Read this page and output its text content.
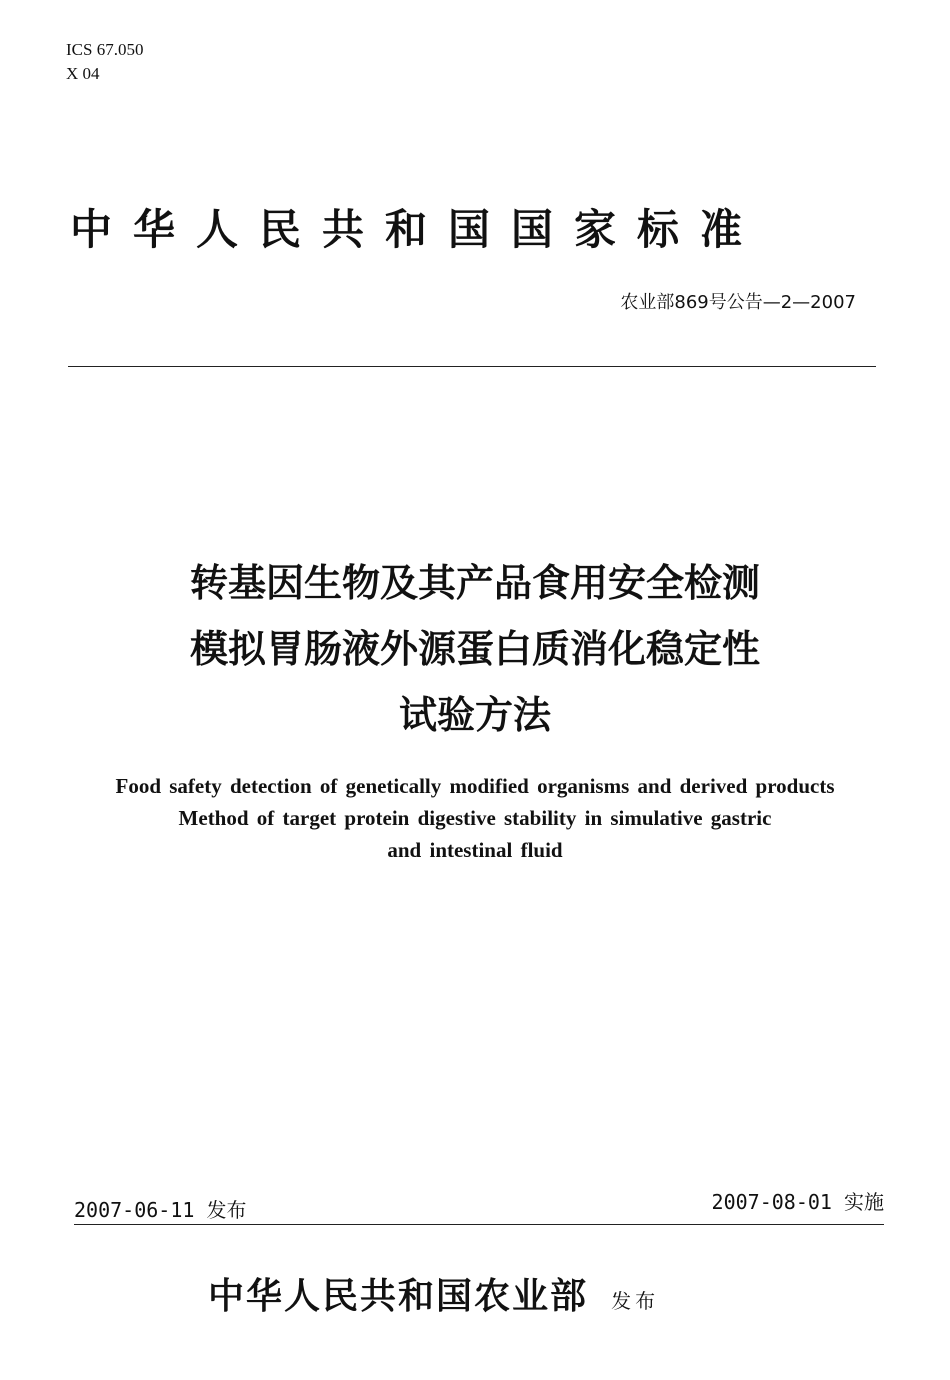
ICS 67.050
X 04
中华人民共和国国家标准
农业部869号公告—2—2007
转基因生物及其产品食用安全检测
模拟胃肠液外源蛋白质消化稳定性
试验方法
Food safety detection of genetically modified organisms and derived products
Method of target protein digestive stability in simulative gastric
and intestinal fluid
2007-06-11 发布	2007-08-01 实施
中华人民共和国农业部 发布
